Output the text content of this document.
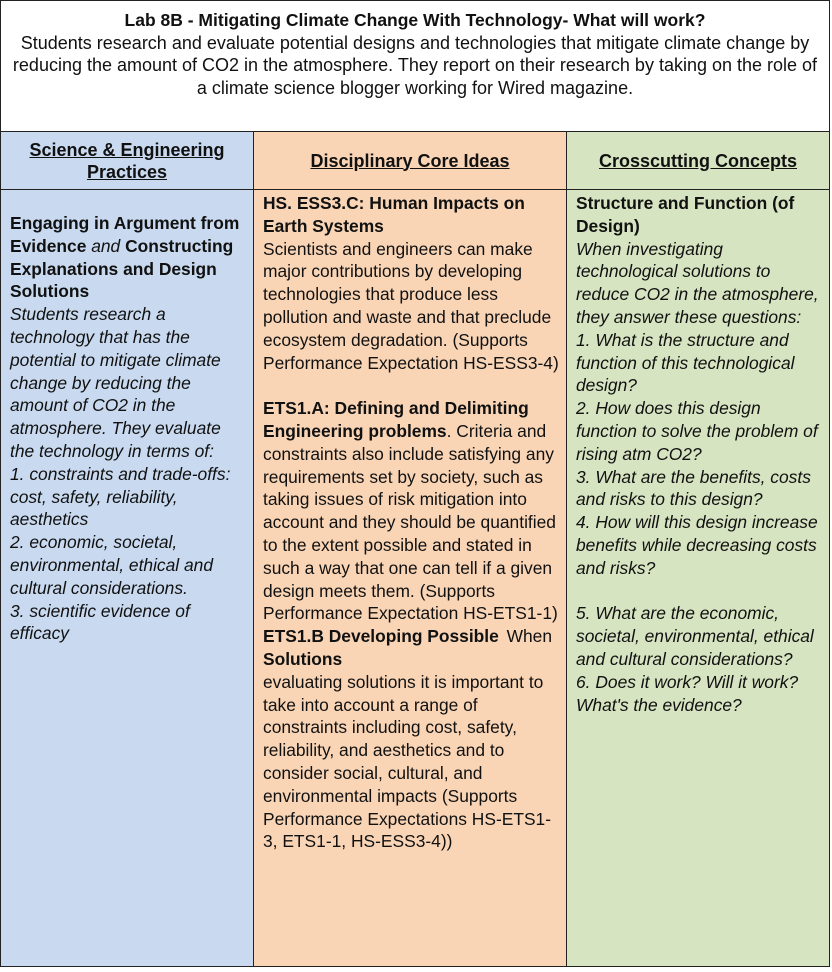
Lab 8B - Mitigating Climate Change With Technology- What will work?
Students research and evaluate potential designs and technologies that mitigate climate change by reducing the amount of CO2 in the atmosphere. They report on their research by taking on the role of a climate science blogger working for Wired magazine.
Science & Engineering Practices

Engaging in Argument from Evidence and Constructing Explanations and Design Solutions

Students research a technology that has the potential to mitigate climate change by reducing the amount of CO2 in the atmosphere. They evaluate the technology in terms of:

1. constraints and trade-offs: cost, safety, reliability, aesthetics

2. economic, societal, environmental, ethical and cultural considerations.

3. scientific evidence of efficacy

Disciplinary Core Ideas

HS. ESS3.C: Human Impacts on Earth Systems
Scientists and engineers can make major contributions by developing technologies that produce less pollution and waste and that preclude ecosystem degradation. (Supports Performance Expectation HS-ESS3-4)

ETS1.A: Defining and Delimiting Engineering problems. Criteria and constraints also include satisfying any requirements set by society, such as taking issues of risk mitigation into account and they should be quantified to the extent possible and stated in such a way that one can tell if a given design meets them. (Supports Performance Expectation HS-ETS1-1)

When
ETS1.B Developing Possible Solutions
evaluating solutions it is important to take into account a range of constraints including cost, safety, reliability, and aesthetics and to consider social, cultural, and environmental impacts (Supports Performance Expectations HS-ETS1-3, ETS1-1, HS-ESS3-4))

Crosscutting Concepts

Structure and Function (of Design)

When investigating technological solutions to reduce CO2 in the atmosphere, they answer these questions:

1. What is the structure and function of this technological design?

2. How does this design function to solve the problem of rising atm CO2?

3. What are the benefits, costs and risks to this design?

4. How will this design increase benefits while decreasing costs and risks?

5. What are the economic, societal, environmental, ethical and cultural considerations?

6. Does it work? Will it work? What's the evidence?
